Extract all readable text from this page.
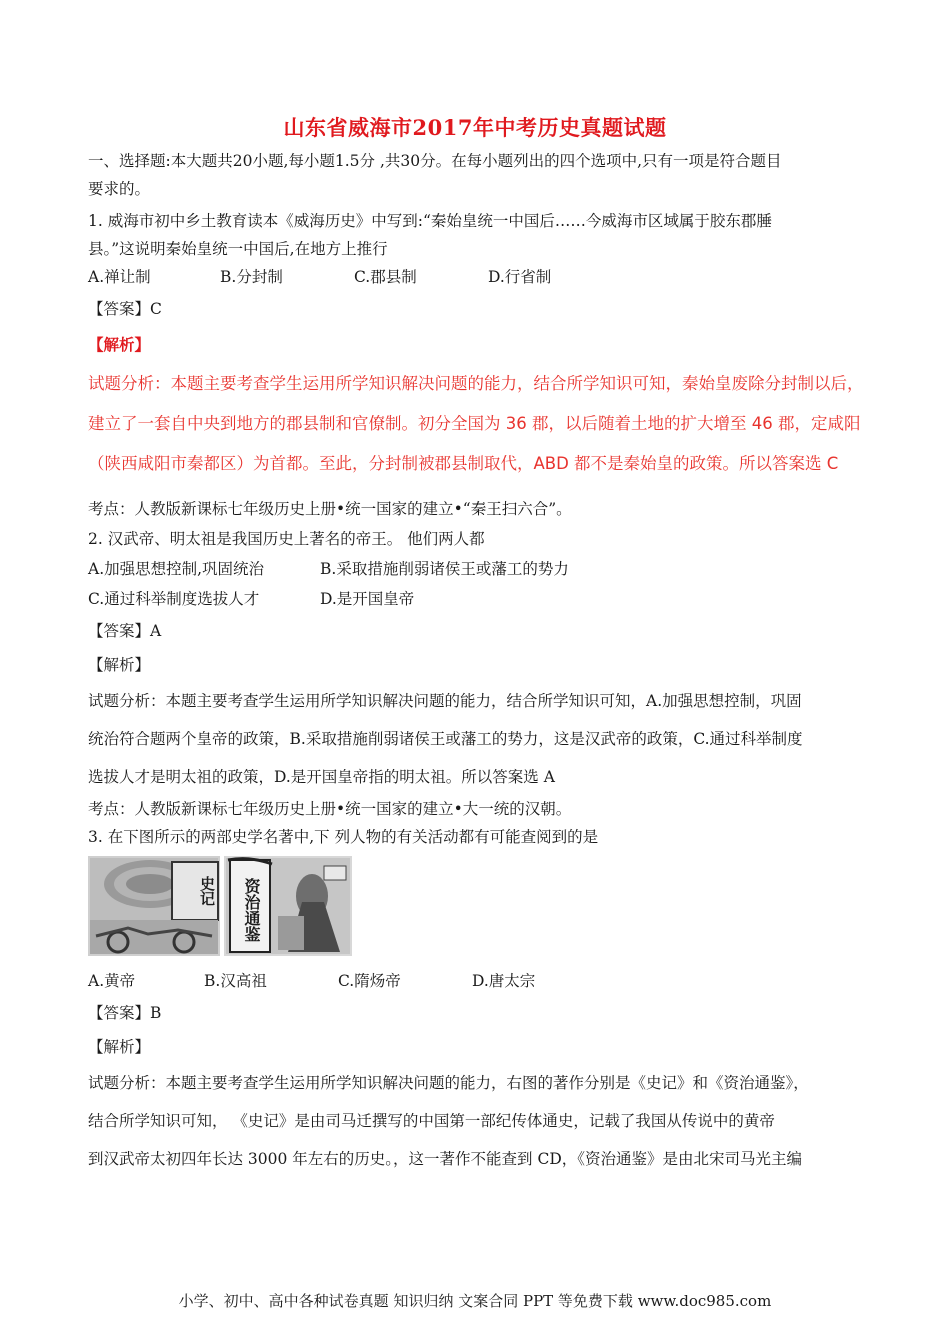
山东省威海市2017年中考历史真题试题
一、选择题:本大题共20小题,每小题1.5分 ,共30分。在每小题列出的四个选项中,只有一项是符合题目
要求的。
1. 威海市初中乡土教育读本《威海历史》中写到:“秦始皇统一中国后……今威海市区域属于胶东郡腄
县。”这说明秦始皇统一中国后,在地方上推行
A.禅让制	B.分封制	C.郡县制	D.行省制
【答案】C
【解析】
试题分析：本题主要考查学生运用所学知识解决问题的能力，结合所学知识可知，秦始皇废除分封制以后，
建立了一套自中央到地方的郡县制和官僚制。初分全国为 36 郡，以后随着土地的扩大增至 46 郡，定咸阳
（陕西咸阳市秦都区）为首都。至此，分封制被郡县制取代，ABD 都不是秦始皇的政策。所以答案选 C
考点：人教版新课标七年级历史上册•统一国家的建立•“秦王扫六合”。
2. 汉武帝、明太祖是我国历史上著名的帝王。 他们两人都
A.加强思想控制,巩固统治	B.采取措施削弱诸侯王或藩工的势力
C.通过科举制度选拔人才	D.是开国皇帝
【答案】A
【解析】
试题分析：本题主要考查学生运用所学知识解决问题的能力，结合所学知识可知，A.加强思想控制，巩固
统治符合题两个皇帝的政策，B.采取措施削弱诸侯王或藩工的势力，这是汉武帝的政策，C.通过科举制度
选拔人才是明太祖的政策，D.是开国皇帝指的明太祖。所以答案选 A
考点：人教版新课标七年级历史上册•统一国家的建立•大一统的汉朝。
3. 在下图所示的两部史学名著中,下 列人物的有关活动都有可能查阅到的是
史记	资治通鉴
A.黄帝	B.汉高祖	C.隋炀帝	D.唐太宗
【答案】B
【解析】
试题分析：本题主要考查学生运用所学知识解决问题的能力，右图的著作分别是《史记》和《资治通鉴》，
结合所学知识可知， 《史记》是由司马迁撰写的中国第一部纪传体通史，记载了我国从传说中的黄帝
到汉武帝太初四年长达 3000 年左右的历史。，这一著作不能查到 CD，《资治通鉴》是由北宋司马光主编
小学、初中、高中各种试卷真题 知识归纳 文案合同 PPT 等免费下载 www.doc985.com
